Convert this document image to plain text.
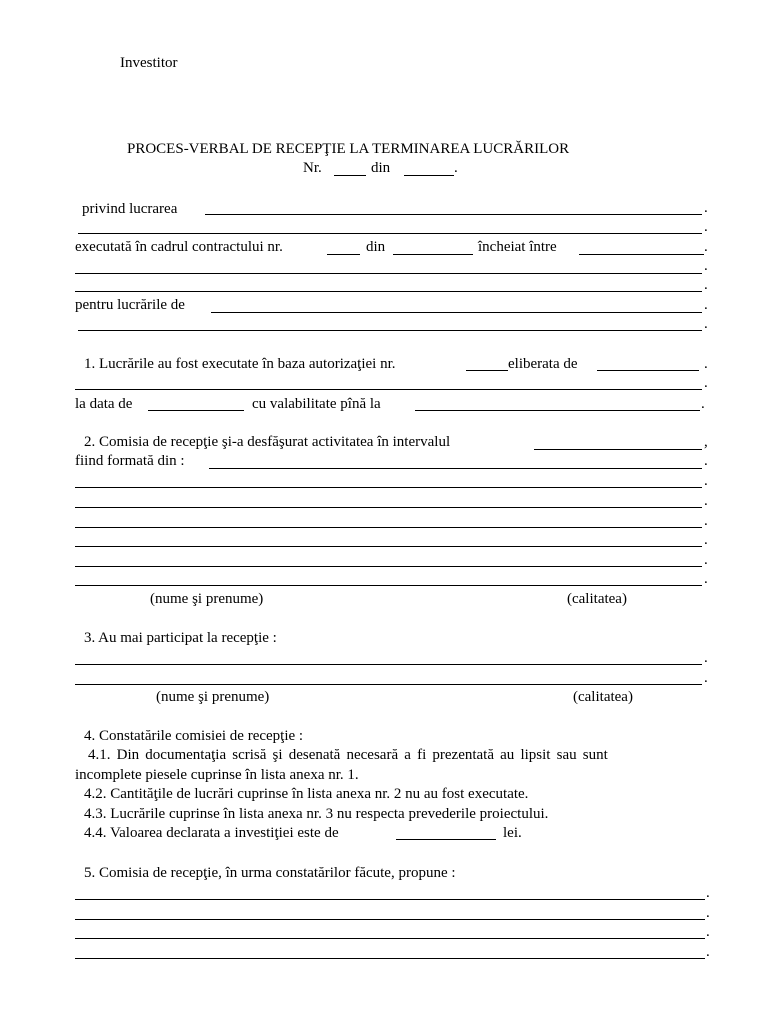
Investitor
PROCES-VERBAL DE RECEPŢIE LA TERMINAREA LUCRĂRILOR
Nr.	din	.
privind lucrarea	.
.
executată în cadrul contractului nr.	din	încheiat între	.
.
.
pentru lucrările de	.
.
1. Lucrările au fost executate în baza autorizaţiei nr.	eliberata de	.
.
la data de	cu valabilitate pînă la	.
2. Comisia de recepţie şi-a desfăşurat activitatea în intervalul	,
fiind formată din :	.
.
.
.
.
.
.
(nume şi prenume)	(calitatea)
3. Au mai participat la recepţie :
.
.
(nume şi prenume)	(calitatea)
4. Constatările comisiei de recepţie :
4.1. Din documentaţia scrisă şi desenată necesară a fi prezentată au lipsit sau sunt
incomplete piesele cuprinse în lista anexa nr. 1.
4.2. Cantităţile de lucrări cuprinse în lista anexa nr. 2 nu au fost executate.
4.3. Lucrările cuprinse în lista anexa nr. 3 nu respecta prevederile proiectului.
4.4. Valoarea declarata a investiţiei este de	lei.
5. Comisia de recepţie, în urma constatărilor făcute, propune :
.
.
.
.
